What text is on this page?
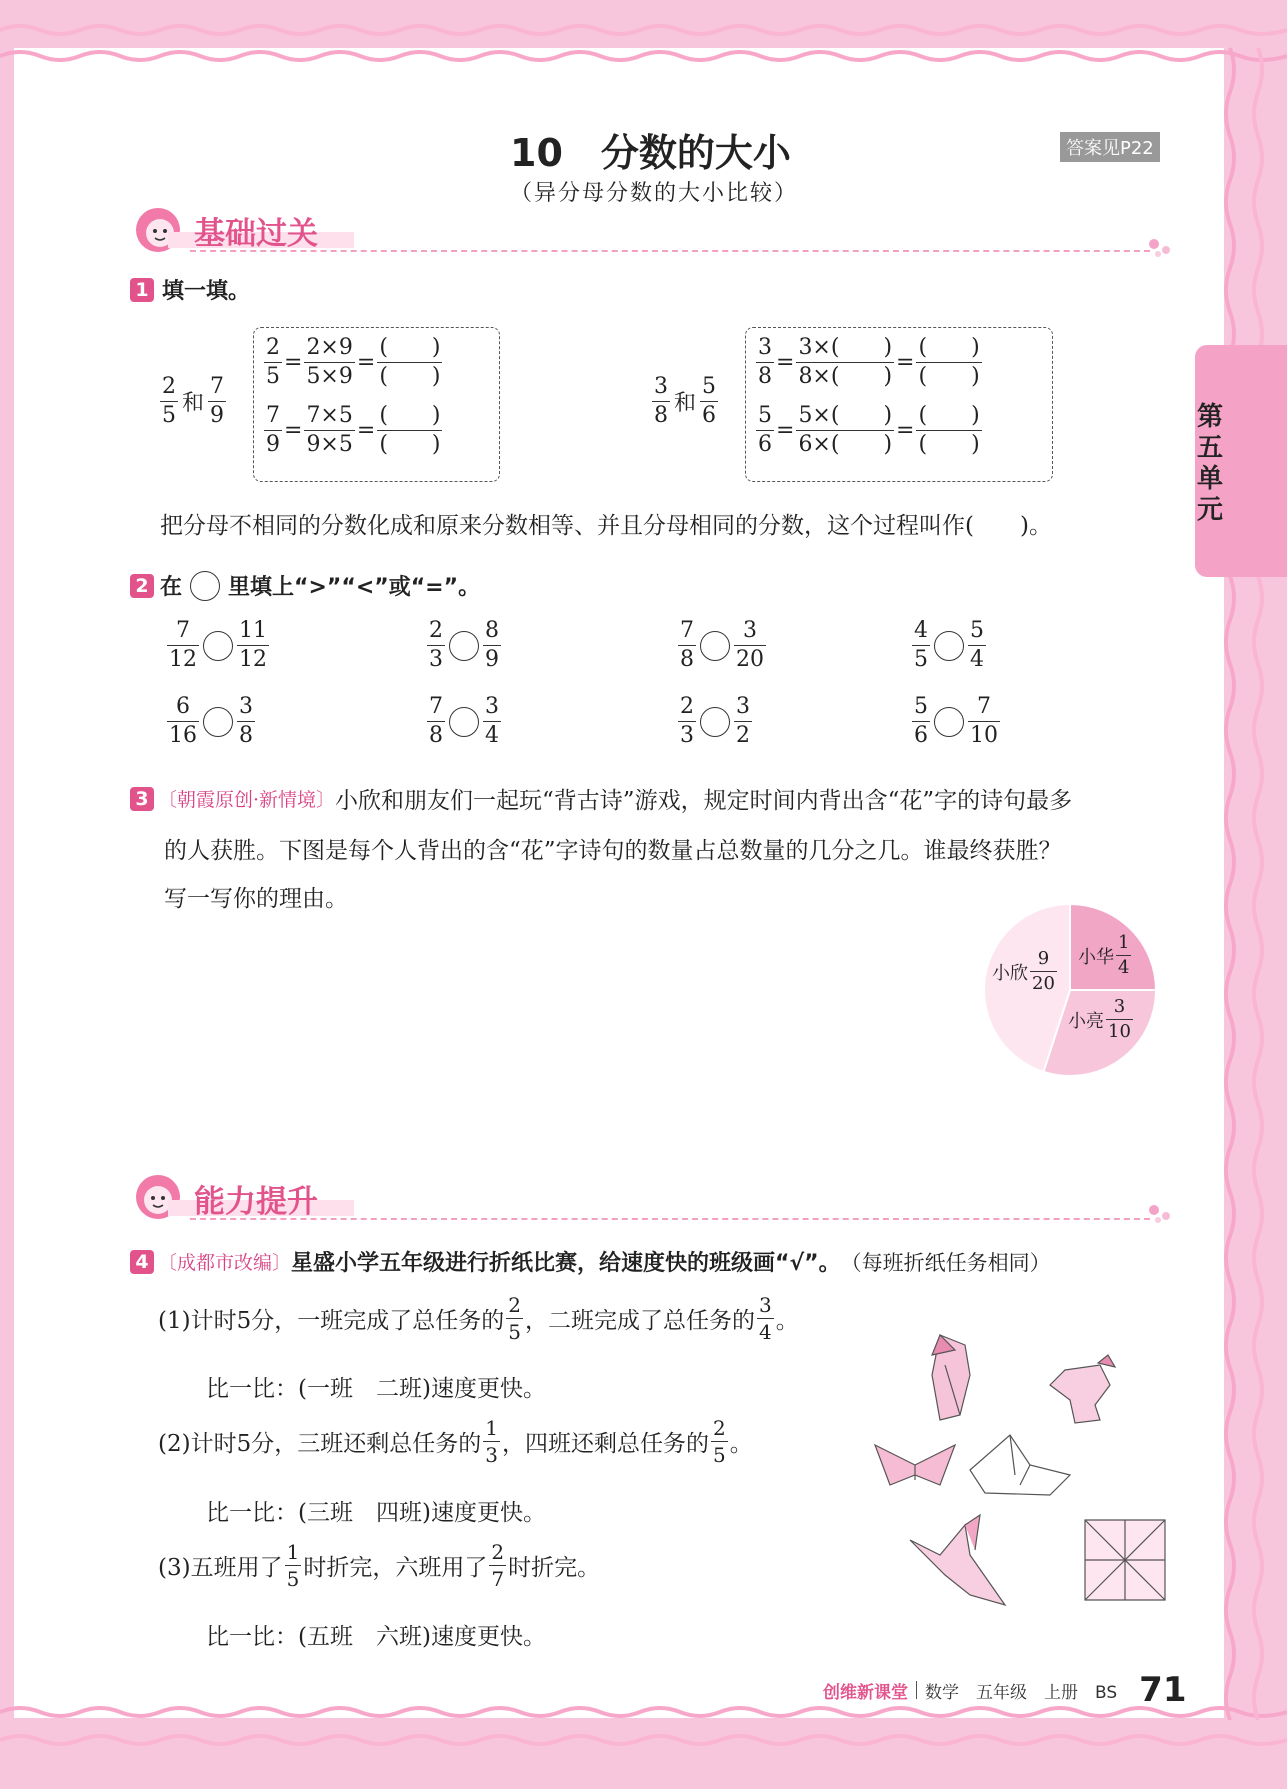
第五单元
10　分数的大小
（异分母分数的大小比较）
答案见P22
基础过关
1 填一填。
$\frac{2}{5}$ 和 $\frac{7}{9}$
$\frac{2}{5} = \frac{2\times 9}{5\times 9} = \frac{( )}{( )}$
$\frac{7}{9} = \frac{7\times 5}{9\times 5} = \frac{( )}{( )}$
$\frac{3}{8}$ 和 $\frac{5}{6}$
$\frac{3}{8} = \frac{3\times( )}{8\times( )} = \frac{( )}{( )}$
$\frac{5}{6} = \frac{5\times( )}{6\times( )} = \frac{( )}{( )}$
把分母不相同的分数化成和原来分数相等、并且分母相同的分数，这个过程叫作(　　)。
2 在 里填上“>”“<”或“=”。
$\frac{7}{12} \frac{11}{12}$	$\frac{2}{3} \frac{8}{9}$	$\frac{7}{8} \frac{3}{20}$	$\frac{4}{5} \frac{5}{4}$
$\frac{6}{16} \frac{3}{8}$	$\frac{7}{8} \frac{3}{4}$	$\frac{2}{3} \frac{3}{2}$	$\frac{5}{6} \frac{7}{10}$
3 〔朝霞原创·新情境〕 小欣和朋友们一起玩“背古诗”游戏，规定时间内背出含“花”字的诗句最多
的人获胜。下图是每个人背出的含“花”字诗句的数量占总数量的几分之几。谁最终获胜？
写一写你的理由。
小欣 $\frac{9}{20}$ 小华 $\frac{1}{4}$
小亮 $\frac{3}{10}$
能力提升
4 〔成都市改编〕 星盛小学五年级进行折纸比赛，给速度快的班级画“√”。 （每班折纸任务相同）
(1)计时5分，一班完成了总任务的 $\frac{2}{5}$ ，二班完成了总任务的 $\frac{3}{4}$ 。
比一比：(一班　二班)速度更快。
(2)计时5分，三班还剩总任务的 $\frac{1}{3}$ ，四班还剩总任务的 $\frac{2}{5}$ 。
比一比：(三班　四班)速度更快。
(3)五班用了 $\frac{1}{5}$ 时折完，六班用了 $\frac{2}{7}$ 时折完。
比一比：(五班　六班)速度更快。
创维新课堂 数学　五年级　上册　BS 71
